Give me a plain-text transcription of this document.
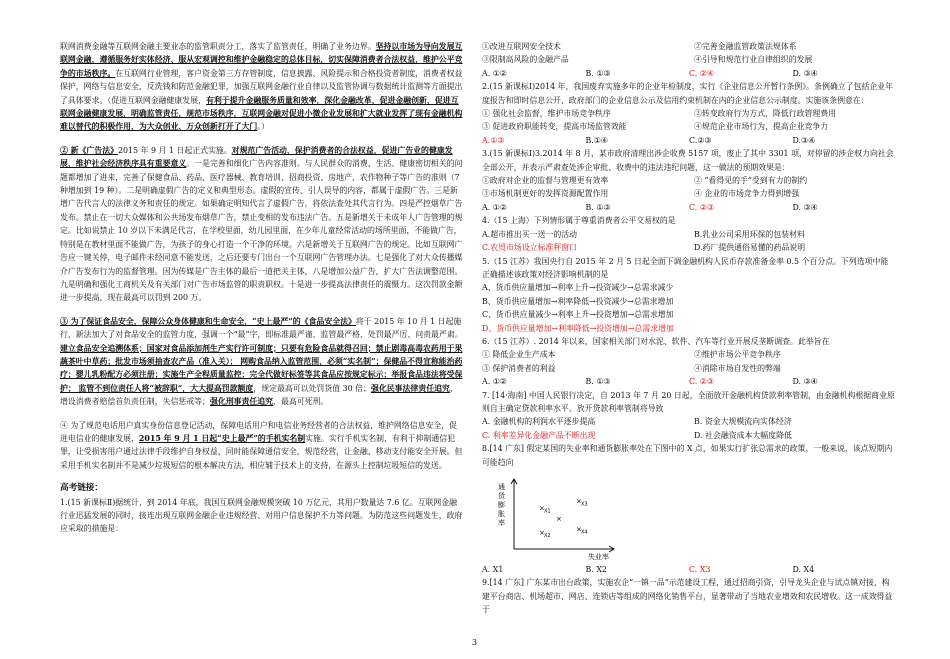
联网消费金融等互联网金融主要业态的监管职责分工，落实了监管责任，明确了业务边界。坚持以市场为导向发展互联网金融，遵循服务好实体经济、服从宏观调控和维护金融稳定的总体目标，切实保障消费者合法权益，维护公平竞争的市场秩序。在互联网行业管理，客户资金第三方存管制度，信息披露、风险提示和合格投资者制度，消费者权益保护，网络与信息安全，反洗钱和防范金融犯罪，加强互联网金融行业自律以及监管协调与数据统计监测等方面提出了具体要求。（促进互联网金融健康发展，有利于提升金融服务质量和效率，深化金融改革，促进金融创新，促进互联网金融健康发展，明确监管责任，规范市场秩序，互联网金融对促进小微企业发展和扩大就业发挥了现有金融机构难以替代的积极作用，为大众创业、万众创新打开了大门。）

② 新《广告法》2015 年 9 月 1 日起正式实施。对规范广告活动，保护消费者的合法权益，促进广告业的健康发展，维护社会经济秩序具有重要意义。一是完善和细化广告内容准则。与人民群众的消费、生活、健康密切相关的问题都增加了进来，完善了保健食品、药品、医疗器械、教育培训、招商投资、房地产、农作物种子等广告的准则（7 种增加到 19 种）。二是明确虚假广告的定义和典型形态。虚假的宣传、引人误导的内容，都属于虚假广告。三是新增广告代言人的法律义务和责任的规定。如果确定明知代言了虚假广告，将依法查处其代言行为。四是严控烟草广告发布。禁止在一切大众媒体和公共场发布烟草广告，禁止变相的发布违法广告。五是新增关于未成年人广告管理的规定。比如说禁止 10 岁以下未满足代言，在学校里面，幼儿园里面，在少年儿童经常活动的场所里面，不能做广告，特别是在教材里面不能做广告，为孩子的身心打造一个干净的环境。六是新增关于互联网广告的规定。比如互联网广告应一键关停，电子邮件未经同意不能发送，之后还要专门出台一个互联网广告管理办法。七是强化了对大众传播媒介广告发布行为的监督管理。因为传媒是广告主体的最后一道把关主体，八是增加公益广告，扩大广告法调整范围。九是明确和强化工商机关及有关部门对广告市场监管的职责职权。十是进一步提高法律责任的震慑力。这次罚款金额进一步提高，现在最高可以罚到 200 万。

③ 为了保证食品安全，保障公众身体健康和生命安全，“史上最严”的《食品安全法》将于 2015 年 10 月 1 日起施行，新法加大了对食品安全的监管力度，强调一个“最”字，即标准最严谨、监管最严格、处罚最严厉、问责最严肃。建立食品安全追溯体系；国家对食品添加剂生产实行许可制度；只要有危险食品就得召回；禁止剧毒高毒农药用于果蔬茶叶中草药；批发市场须抽查农产品（准入关）； 网购食品纳入监管范围，必须“实名制”；保健品不得宣称能治药疗；婴儿乳粉配方必须注册；实施生产全程质量监控；完全代做好标签等其食品应按规定标示；举报食品违法将受保护； 监管不到位责任人将“被辞职”，大大提高罚款额度，规定最高可以处罚货值 30 倍；强化民事法律责任追究，增设消费者赔偿首负责任制，失信惩戒等；强化刑事责任追究，最高可死刑。

④ 为了规范电话用户真实身份信息登记活动，保障电话用户和电信业务经营者的合法权益，维护网络信息安全，促进电信业的健康发展，2015 年 9 月 1 日起“史上最严”的手机实名制实施。实行手机实名制，有利于抑制通信犯罪，让受损害用户通过法律手段维护自身权益，同时能保障通信安全，规范经营，让金融、移动支付能安全开展。但采用手机实名制并不是减少垃圾短信的根本解决方法，相应辅于技术上的支持，在源头上控制垃圾短信的发送。

高考链接：

1.(15 新课标Ⅱ)据统计，到 2014 年底，我国互联网金融规模突破 10 万亿元，其用户数量达 7.6 亿。互联网金融行业迅猛发展的同时，接连出现互联网金融企业违规经营、对用户信息保护不力等问题。为防范这些问题发生，政府应采取的措施是：

①改进互联网安全技术	②完善金融监管政策法规体系
③限制高风险的金融产品	④引导和规范行业自律组织的发展
A. ①②	B. ①③	C. ②④	D. ③④

2.(15 新课标Ⅰ)2014 年，我国废弃实施多年的企业年检制度，实行《企业信息公开暂行条例》。条例确立了包括企业年度报告和即时信息公开、政府部门的企业信息公示及信用约束机制在内的企业信息公示制度。实施该条例意在：

① 强化社会监督，维护市场竞争秩序	②转变政府行为方式，降低行政管理费用
③ 促进政府职能转变，提高市场监管效能	④规范企业市场行为，提高企业竞争力
A.①③	B.①④	C.②③	D.③④

3.(15 新课标Ⅰ)3.2014 年 8 月，某市政府清理出涉企收费 5157 项，废止了其中 3301 项，对停留的涉企权力向社会全部公开，并表示严肃查处涉企审批、收费中的违法违纪问题，这一做法的预期效果是：

①政府对企业的监督与管理更有效率	② “看得见的手”受到有力的制约
③市场机制更好的发挥资源配置作用	④ 企业的市场竞争力得到增强
A. ①②	B. ①③	C. ②③	D. ③④

4.（15 上海）下列情形属于尊重消费者公平交易权的是

A.超市推出买一送一的活动	B.乳业公司采用环保的包装材料
C.农贸市场设立标准秤窗口	D.药厂提供通俗易懂的药品说明

5.（15 江苏）我国央行自 2015 年 2 月 5 日起全面下调金融机构人民币存款准备金率 0.5 个百分点。下列选项中能正确描述该政策对经济影响机制的是

A、货币供应量增加→利率上升→投资减少→总需求减少

B、货币供应量增加→利率降低→投资减少→总需求增加

C、货币供应量减少→利率上升→投资增加→总需求增加

D、货币供应量增加→利率降低→投资增加→总需求增加

6.（15 江苏）. 2014 年以来，国家相关部门对水泥、软件、汽车等行业开展反垄断调查。此举旨在

① 降低企业生产成本	②维护市场公平竞争秩序
③ 保护消费者的利益	④消除市场自发性的弊端
A. ①②	B. ①③	C. ②③	D. ③④

7. [14·海南] 中国人民银行决定，自 2013 年 7 月 20 日起，全面放开金融机构贷款利率管制，由金融机构根据商业原则自主确定贷款利率水平。放开贷款利率管制将导致

A. 金融机构的利润水平逐步提高	B. 资金大规模流向实体经济
C. 利率差异化金融产品不断出现	D. 社会融资成本大幅度降低

8.[14 广东] 假定某国的失业率和通货膨胀率处在下图中的 X 点，如果实行扩张总需求的政策，一般来说，该点短期内可能趋向

通
货
膨
胀
率
失业率
× X1
× X2
×
× X3
× X4
A. X1	B. X2	C. X3	D. X4

9.[14 广东] 广东某市出台政策，实施农企“一镇一品”示范建设工程，通过招商引资，引导龙头企业与试点镇对接，构建平台商店、机场超市、网店、连锁店等组成的网络化销售平台，显著带动了当地农业增效和农民增收。这一成效得益于

3
